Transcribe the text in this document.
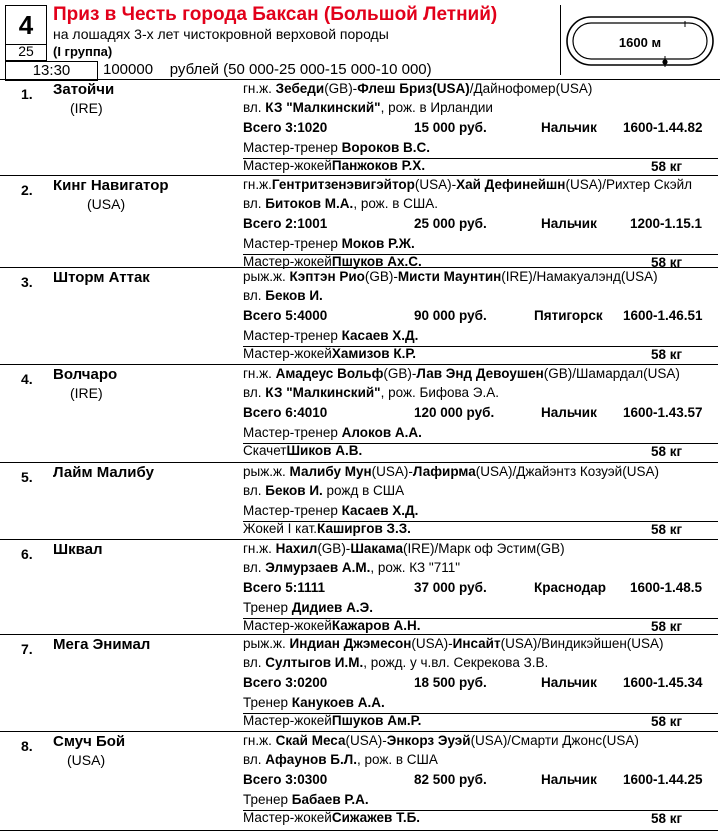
4
25
13:30
Приз в Честь города Баксан (Большой Летний)
на лошадях 3-х лет чистокровной верховой породы
(I группа)
100000 рублей (50 000-25 000-15 000-10 000)
1600 м
1. Затойчи
(IRE)
гн.ж. Зебеди(GB)-Флеш Бриз(USA)/Дайнофомер(USA)
вл. КЗ "Малкинский", рож. в Ирландии
Всего 3:1020	15 000 руб.	Нальчик 1600-1.44.82
Мастер-тренер Вороков В.С.
Мастер-жокейПанжоков Р.Х.	58 кг
2. Кинг Навигатор
(USA)
гн.ж.Гентритзенэвигэйтор(USA)-Хай Дефинейшн(USA)/Рихтер Скэйл
вл. Битоков М.А., рож. в США.
Всего 2:1001	25 000 руб.	Нальчик 1200-1.15.1
Мастер-тренер Моков Р.Ж.
Мастер-жокейПшуков Ах.С.	58 кг
3. Шторм Аттак	рыж.ж. Кэптэн Рио(GB)-Мисти Маунтин(IRE)/Намакуалэнд(USA)
вл. Беков И.
Всего 5:4000	90 000 руб.	Пятигорск 1600-1.46.51
Мастер-тренер Касаев Х.Д.
Мастер-жокейХамизов К.Р.	58 кг
4. Волчаро
(IRE)
гн.ж. Амадеус Вольф(GB)-Лав Энд Девоушен(GB)/Шамардал(USA)
вл. КЗ "Малкинский", рож. Бифова Э.А.
Всего 6:4010	120 000 руб.	Нальчик 1600-1.43.57
Мастер-тренер Алоков А.А.
СкачетШиков А.В.	58 кг
5. Лайм Малибу	рыж.ж. Малибу Мун(USA)-Лафирма(USA)/Джайэнтз Козуэй(USA)
вл. Беков И. рожд в США
Мастер-тренер Касаев Х.Д.
Жокей I кат.Каширгов З.З.	58 кг
6. Шквал	гн.ж. Нахил(GB)-Шакама(IRE)/Марк оф Эстим(GB)
вл. Элмурзаев А.М., рож. КЗ "711"
Всего 5:1111	37 000 руб.	Краснодар 1600-1.48.5
Тренер Дидиев А.Э.
Мастер-жокейКажаров А.Н.	58 кг
7. Мега Энимал	рыж.ж. Индиан Джэмесон(USA)-Инсайт(USA)/Виндикэйшен(USA)
вл. Султыгов И.М., рожд. у ч.вл. Секрекова З.В.
Всего 3:0200	18 500 руб.	Нальчик 1600-1.45.34
Тренер Канукоев А.А.
Мастер-жокейПшуков Ам.Р.	58 кг
8. Смуч Бой
(USA)
гн.ж. Скай Меса(USA)-Энкорз Эуэй(USA)/Смарти Джонс(USA)
вл. Афаунов Б.Л., рож. в США
Всего 3:0300	82 500 руб.	Нальчик 1600-1.44.25
Тренер Бабаев Р.А.
Мастер-жокейСижажев Т.Б.	58 кг
